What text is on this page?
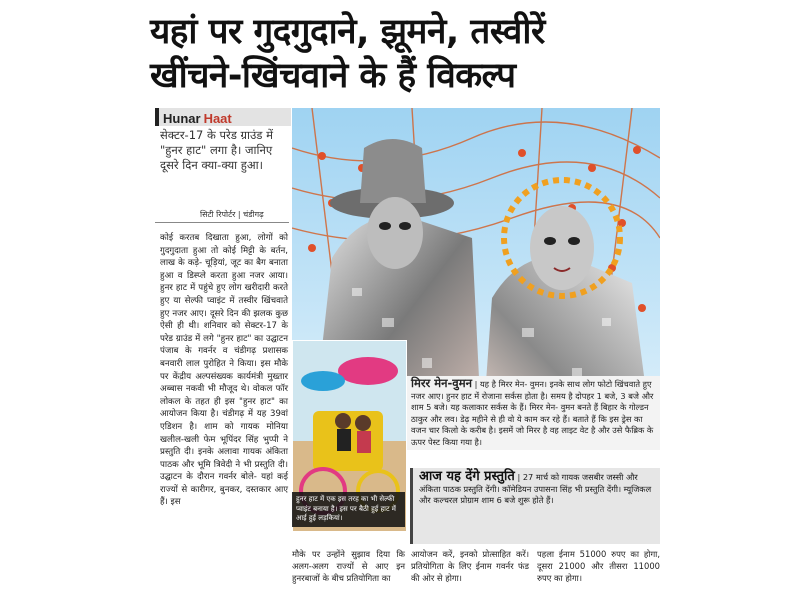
यहां पर गुदगुदाने, झूमने, तस्वीरें
खींचने-खिंचवाने के हैं विकल्प
Hunar Haat
सेक्टर-17 के परेड ग्राउंड में "हुनर हाट" लगा है। जानिए दूसरे दिन क्या-क्या हुआ।
सिटी रिपोर्टर | चंडीगढ़
कोई करतब दिखाता हुआ, लोगों को गुदगुदाता हुआ तो कोई मिट्टी के बर्तन, लाख के कड़े- चूड़ियां, जूट का बैग बनाता हुआ व डिस्प्ले करता हुआ नजर आया। हुनर हाट में पहुंचे हुए लोग खरीदारी करते हुए या सेल्फी प्वाइंट में तस्वीर खिंचवाते हुए नजर आए। दूसरे दिन की झलक कुछ ऐसी ही थी। शनिवार को सेक्टर-17 के परेड ग्राउंड में लगे "हुनर हाट" का उद्घाटन पंजाब के गवर्नर व चंडीगढ़ प्रशासक बनवारी लाल पुरोहित ने किया। इस मौके पर केंद्रीय अल्पसंख्यक कार्यमंत्री मुख्तार अब्बास नकवी भी मौजूद थे। वोकल फॉर लोकल के तहत ही इस "हुनर हाट" का आयोजन किया है। चंडीगढ़ में यह 39वां एडिशन है। शाम को गायक मोनिया खलील-खली फेम भूपिंदर सिंह भुप्पी ने प्रस्तुति दी। इनके अलावा गायक अंकिता पाठक और भूमि त्रिवेदी ने भी प्रस्तुति दी। उद्घाटन के दौरान गवर्नर बोले- यहां कई राज्यों से कारीगर, बुनकर, दस्तकार आए हैं। इस	हुनर हाट में एक इस तरह का भी सेल्फी प्वाइंट बनाया है। इस पर बैठी हुई हाट में आई हुई लड़कियां।
मिरर मेन-वुमन | यह है मिरर मेन- वुमन। इनके साथ लोग फोटो खिंचवाते हुए नजर आए। हुनर हाट में रोजाना सर्कस होता है। समय है दोपहर 1 बजे, 3 बजे और शाम 5 बजे। यह कलाकार सर्कस के हैं। मिरर मेन- वुमन बनते हैं बिहार के गोल्डन ठाकुर और लव। डेढ़ महीने से ही वो ये काम कर रहे हैं। बताते हैं कि इस ड्रेस का वजन चार किलो के करीब है। इसमें जो मिरर है वह लाइट वेट है और उसे फैब्रिक के ऊपर पेस्ट किया गया है।
आज यह देंगे प्रस्तुति | 27 मार्च को गायक जसबीर जस्सी और अंकिता पाठक प्रस्तुति देंगी। कॉमेडियन उपासना सिंह भी प्रस्तुति देंगी। म्यूजिकल और कल्चरल प्रोग्राम शाम 6 बजे शुरू होते हैं।
मौके पर उन्होंने सुझाव दिया कि अलग-अलग राज्यों से आए इन हुनरबाजों के बीच प्रतियोगिता का
आयोजन करें, इनको प्रोत्साहित करें। प्रतियोगिता के लिए ईनाम गवर्नर फंड की ओर से होगा।
पहला ईनाम 51000 रुपए का होगा, दूसरा 21000 और तीसरा 11000 रुपए का होगा।
